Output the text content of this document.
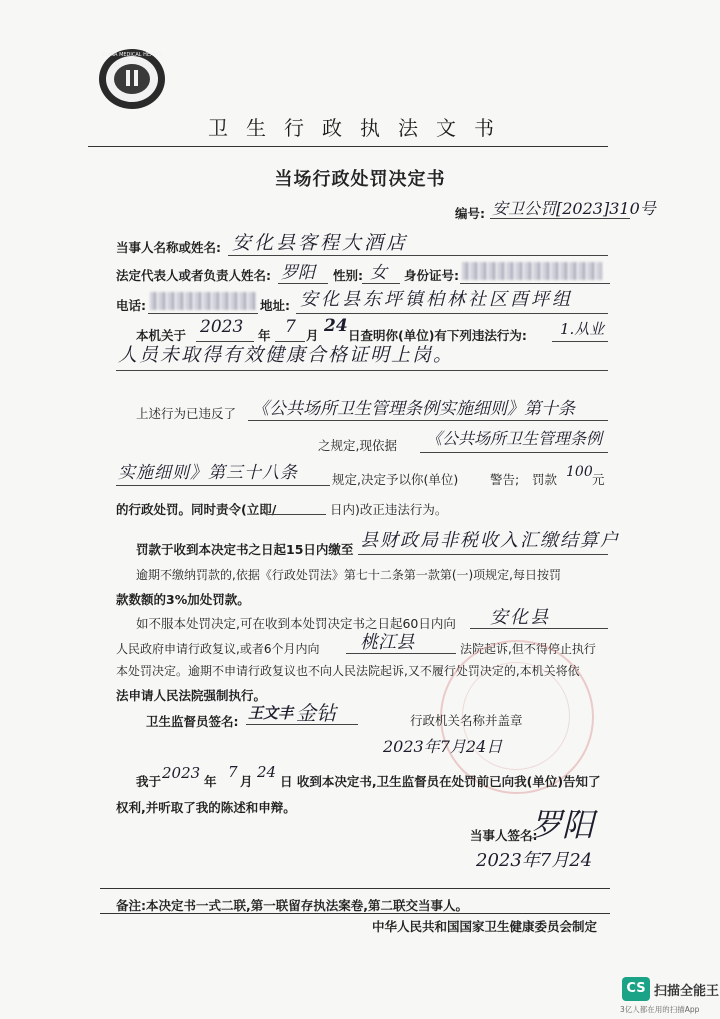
CHINA MEDICAL HEALTH
卫生行政执法文书
当场行政处罚决定书
编号: 安卫公罚[2023]310号
当事人名称或姓名: 安化县客程大酒店
法定代表人或者负责人姓名: 罗阳 性别: 女 身份证号:
电话:	地址: 安化县东坪镇柏林社区酉坪组
本机关于 2023 年 7 月 24 日查明你(单位)有下列违法行为: 1.从业
人员未取得有效健康合格证明上岗。
上述行为已违反了 《公共场所卫生管理条例实施细则》第十条
之规定,现依据 《公共场所卫生管理条例
实施细则》第三十八条	规定,决定予以你(单位)	警告; 罚款 100 元
的行政处罚。同时责令(立即/	日内)改正违法行为。
罚款于收到本决定书之日起15日内缴至 县财政局非税收入汇缴结算户
逾期不缴纳罚款的,依据《行政处罚法》第七十二条第一款第(一)项规定,每日按罚
款数额的3%加处罚款。
如不服本处罚决定,可在收到本处罚决定书之日起60日内向 安化县
人民政府申请行政复议,或者6个月内向 桃江县	法院起诉,但不得停止执行
本处罚决定。逾期不申请行政复议也不向人民法院起诉,又不履行处罚决定的,本机关将依
法申请人民法院强制执行。
卫生监督员签名: 王文丰 金钻	行政机关名称并盖章
2023年7月24日
我于 2023 年
7
月
24
日 收到本决定书,卫生监督员在处罚前已向我(单位)告知了
权利,并听取了我的陈述和申辩。
当事人签名:
罗阳
2023年7月24
备注:本决定书一式二联,第一联留存执法案卷,第二联交当事人。
中华人民共和国国家卫生健康委员会制定
CS 扫描全能王
3亿人都在用的扫描App
